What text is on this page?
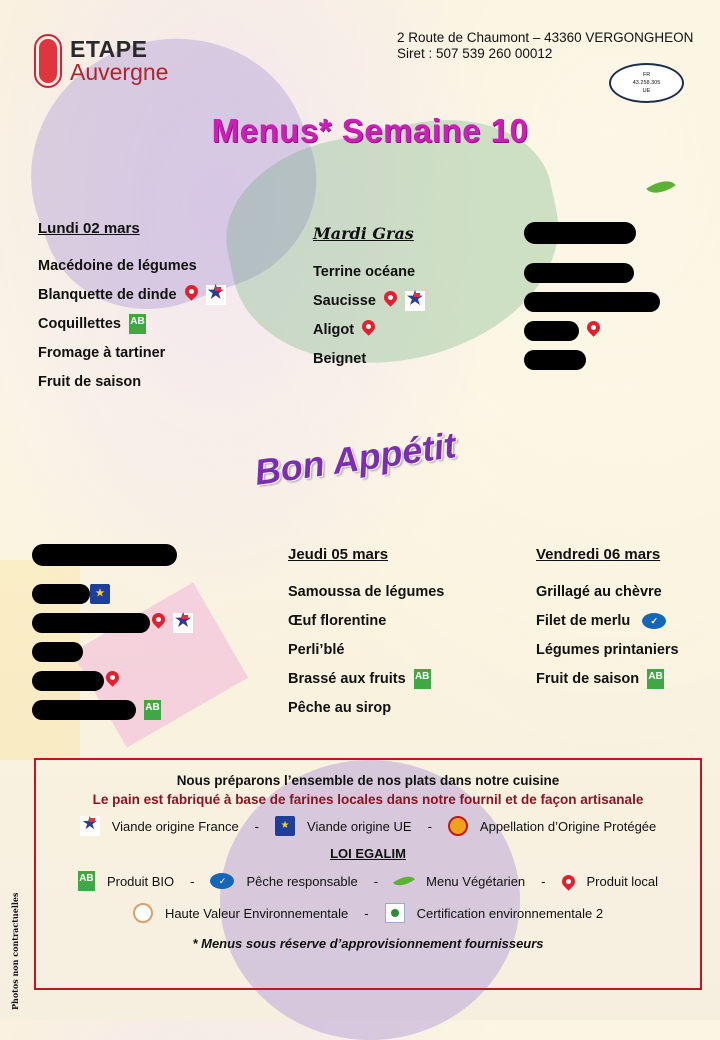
ETAPE
Auvergne
2 Route de Chaumont – 43360 VERGONGHEON
Siret : 507 539 260 00012
FR
43.258.305
UE
Menus* Semaine 10
Lundi 02 mars
Macédoine de légumes
Blanquette de dinde
★
Coquillettes AB
Fromage à tartiner
Fruit de saison
Mardi Gras
Terrine océane
Saucisse
★
Aligot
Beignet
Bon Appétit
★
★
AB
Jeudi 05 mars
Samoussa de légumes
Œuf florentine
Perli’blé
Brassé aux fruits AB
Pêche au sirop
Vendredi 06 mars
Grillagé au chèvre
Filet de merlu	✓
Légumes printaniers
Fruit de saison AB
Nous préparons l’ensemble de nos plats dans notre cuisine
Le pain est fabriqué à base de farines locales dans notre fournil et de façon artisanale
★
Viande origine France -	★	Viande origine UE -	Appellation d’Origine Protégée
LOI EGALIM
AB Produit BIO -	✓	Pêche responsable -	Menu Végétarien -	Produit local
Haute Valeur Environnementale -	Certification environnementale 2
* Menus sous réserve d’approvisionnement fournisseurs
Photos non contractuelles
